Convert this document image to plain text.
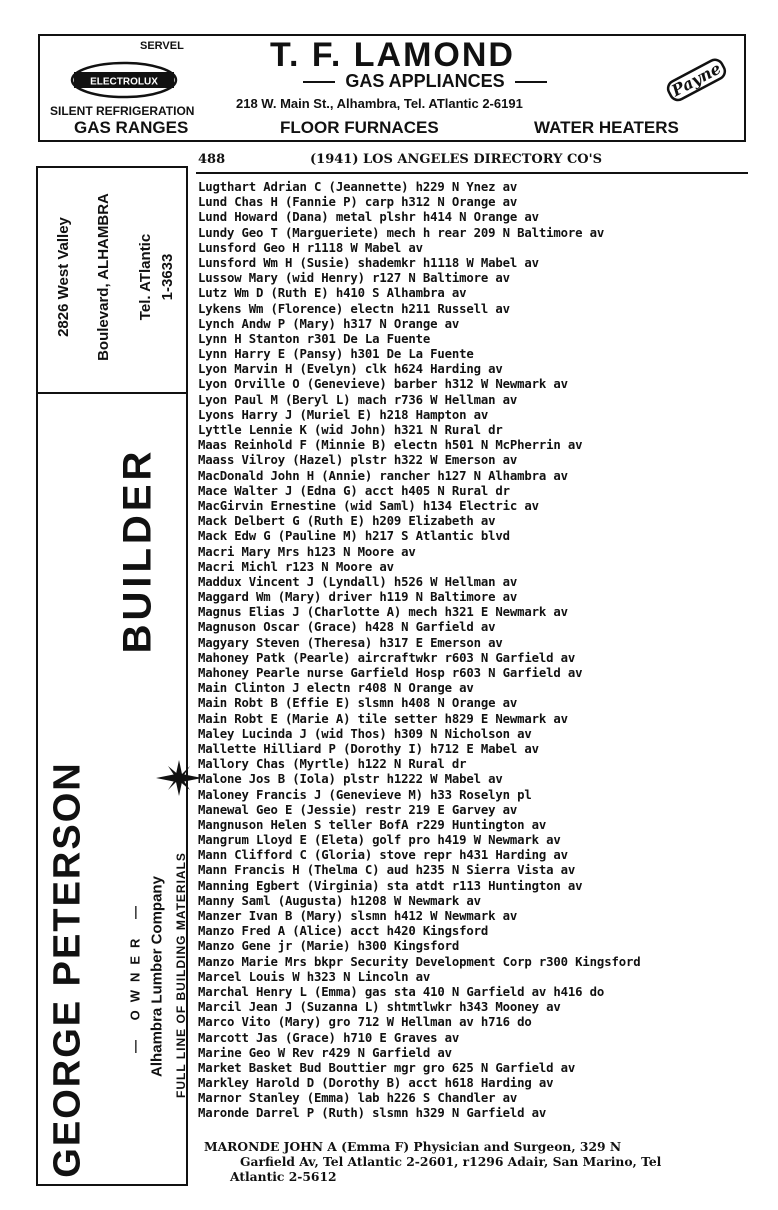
SERVEL
ELECTROLUX
SILENT REFRIGERATION
GAS RANGES
T. F. LAMOND
GAS APPLIANCES
218 W. Main St., Alhambra, Tel. ATlantic 2-6191
FLOOR FURNACES	WATER HEATERS
Payne
488	(1941) LOS ANGELES DIRECTORY CO'S
2826 West Valley Boulevard, ALHAMBRA Tel. ATlantic 1-3633
BUILDER
GEORGE PETERSON	— OWNER — Alhambra Lumber Company FULL LINE OF BUILDING MATERIALS
Lugthart Adrian C (Jeannette) h229 N Ynez av
Lund Chas H (Fannie P) carp h312 N Orange av
Lund Howard (Dana) metal plshr h414 N Orange av
Lundy Geo T (Margueriete) mech h rear 209 N Baltimore av
Lunsford Geo H r1118 W Mabel av
Lunsford Wm H (Susie) shademkr h1118 W Mabel av
Lussow Mary (wid Henry) r127 N Baltimore av
Lutz Wm D (Ruth E) h410 S Alhambra av
Lykens Wm (Florence) electn h211 Russell av
Lynch Andw P (Mary) h317 N Orange av
Lynn H Stanton r301 De La Fuente
Lynn Harry E (Pansy) h301 De La Fuente
Lyon Marvin H (Evelyn) clk h624 Harding av
Lyon Orville O (Genevieve) barber h312 W Newmark av
Lyon Paul M (Beryl L) mach r736 W Hellman av
Lyons Harry J (Muriel E) h218 Hampton av
Lyttle Lennie K (wid John) h321 N Rural dr
Maas Reinhold F (Minnie B) electn h501 N McPherrin av
Maass Vilroy (Hazel) plstr h322 W Emerson av
MacDonald John H (Annie) rancher h127 N Alhambra av
Mace Walter J (Edna G) acct h405 N Rural dr
MacGirvin Ernestine (wid Saml) h134 Electric av
Mack Delbert G (Ruth E) h209 Elizabeth av
Mack Edw G (Pauline M) h217 S Atlantic blvd
Macri Mary Mrs h123 N Moore av
Macri Michl r123 N Moore av
Maddux Vincent J (Lyndall) h526 W Hellman av
Maggard Wm (Mary) driver h119 N Baltimore av
Magnus Elias J (Charlotte A) mech h321 E Newmark av
Magnuson Oscar (Grace) h428 N Garfield av
Magyary Steven (Theresa) h317 E Emerson av
Mahoney Patk (Pearle) aircraftwkr r603 N Garfield av
Mahoney Pearle nurse Garfield Hosp r603 N Garfield av
Main Clinton J electn r408 N Orange av
Main Robt B (Effie E) slsmn h408 N Orange av
Main Robt E (Marie A) tile setter h829 E Newmark av
Maley Lucinda J (wid Thos) h309 N Nicholson av
Mallette Hilliard P (Dorothy I) h712 E Mabel av
Mallory Chas (Myrtle) h122 N Rural dr
Malone Jos B (Iola) plstr h1222 W Mabel av
Maloney Francis J (Genevieve M) h33 Roselyn pl
Manewal Geo E (Jessie) restr 219 E Garvey av
Mangnuson Helen S teller BofA r229 Huntington av
Mangrum Lloyd E (Eleta) golf pro h419 W Newmark av
Mann Clifford C (Gloria) stove repr h431 Harding av
Mann Francis H (Thelma C) aud h235 N Sierra Vista av
Manning Egbert (Virginia) sta atdt r113 Huntington av
Manny Saml (Augusta) h1208 W Newmark av
Manzer Ivan B (Mary) slsmn h412 W Newmark av
Manzo Fred A (Alice) acct h420 Kingsford
Manzo Gene jr (Marie) h300 Kingsford
Manzo Marie Mrs bkpr Security Development Corp r300 Kingsford
Marcel Louis W h323 N Lincoln av
Marchal Henry L (Emma) gas sta 410 N Garfield av h416 do
Marcil Jean J (Suzanna L) shtmtlwkr h343 Mooney av
Marco Vito (Mary) gro 712 W Hellman av h716 do
Marcott Jas (Grace) h710 E Graves av
Marine Geo W Rev r429 N Garfield av
Market Basket Bud Bouttier mgr gro 625 N Garfield av
Markley Harold D (Dorothy B) acct h618 Harding av
Marnor Stanley (Emma) lab h226 S Chandler av
Maronde Darrel P (Ruth) slsmn h329 N Garfield av
MARONDE JOHN A (Emma F) Physician and Surgeon, 329 N
Garfield Av, Tel Atlantic 2-2601, r1296 Adair, San Marino, Tel
Atlantic 2-5612
